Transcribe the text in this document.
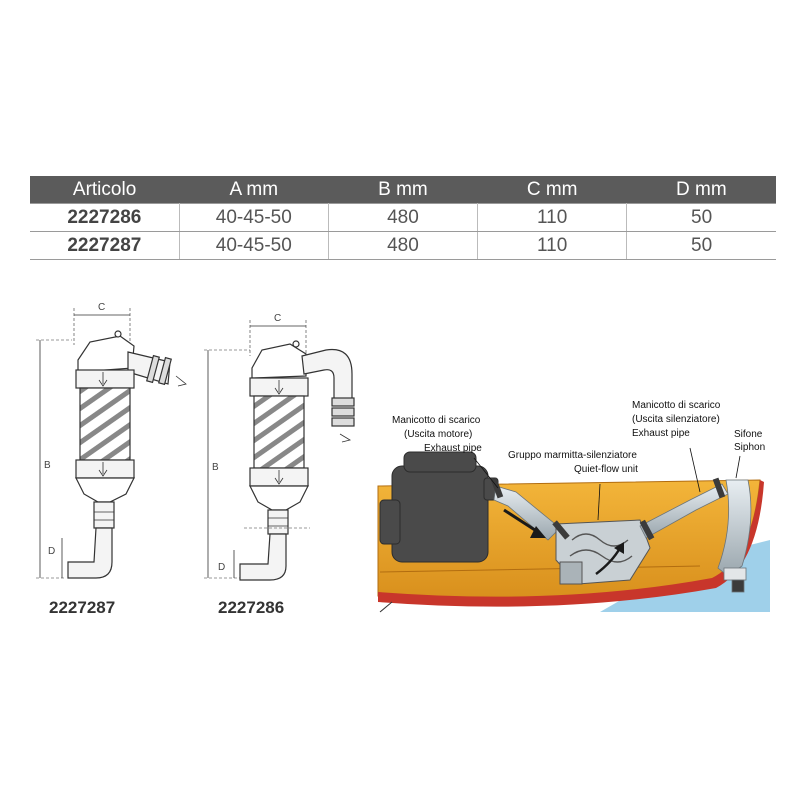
Articolo	A mm	B mm	C mm	D mm
2227286	40-45-50	480	110	50
2227287	40-45-50	480	110	50
C
B
D
C
B
D
Manicotto di scarico
(Uscita motore)
Exhaust pipe
Gruppo marmitta-silenziatore
Quiet-flow unit
Manicotto di scarico
(Uscita silenziatore)
Exhaust pipe	Sifone
Siphon
2227287	2227286
